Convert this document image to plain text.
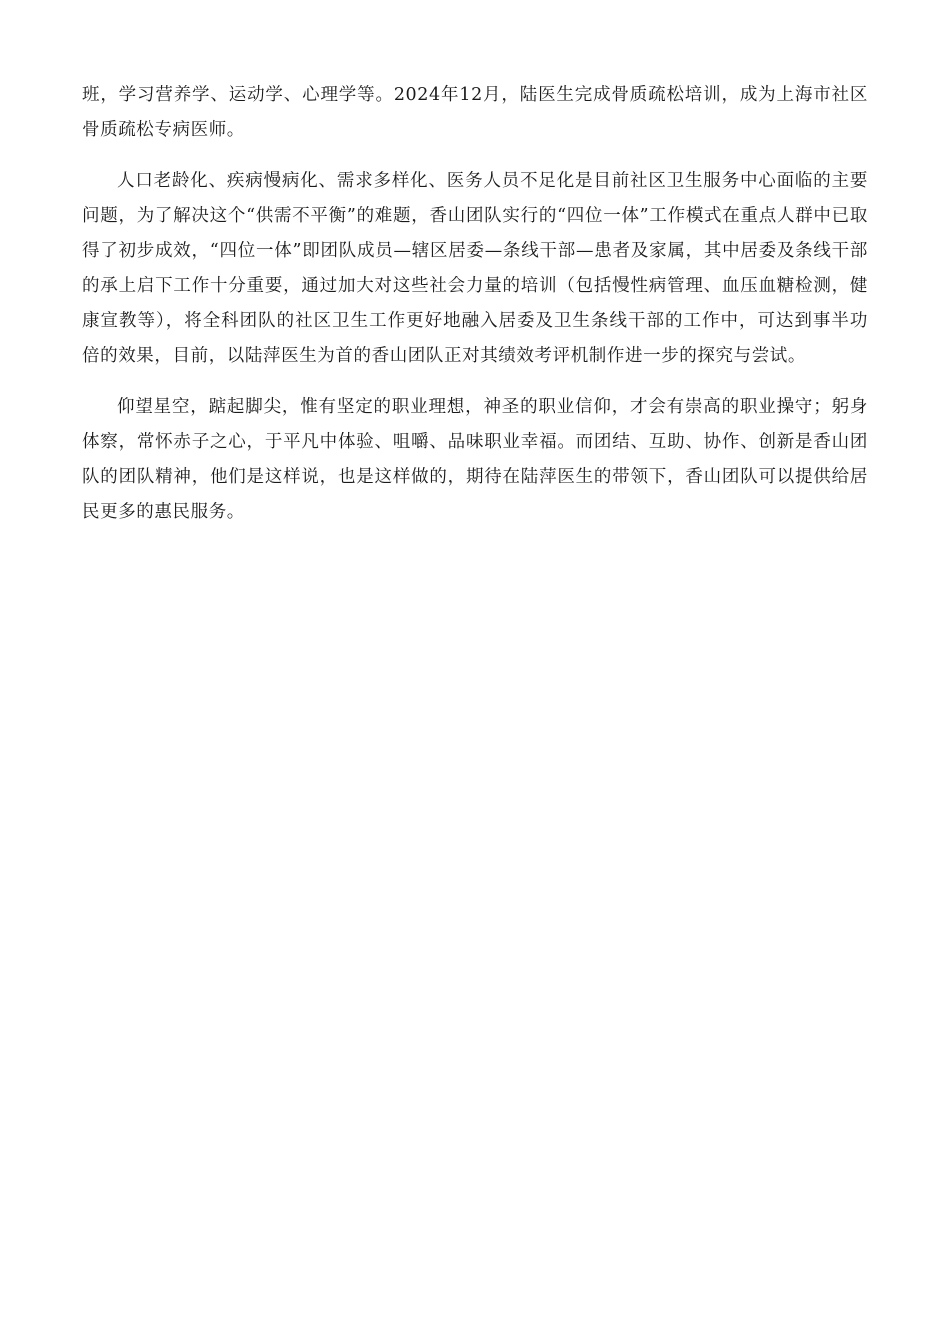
班，学习营养学、运动学、心理学等。2024年12月，陆医生完成骨质疏松培训，成为上海市社区骨质疏松专病医师。

人口老龄化、疾病慢病化、需求多样化、医务人员不足化是目前社区卫生服务中心面临的主要问题，为了解决这个“供需不平衡”的难题，香山团队实行的“四位一体”工作模式在重点人群中已取得了初步成效，“四位一体”即团队成员—辖区居委—条线干部—患者及家属，其中居委及条线干部的承上启下工作十分重要，通过加大对这些社会力量的培训（包括慢性病管理、血压血糖检测，健康宣教等），将全科团队的社区卫生工作更好地融入居委及卫生条线干部的工作中，可达到事半功倍的效果，目前，以陆萍医生为首的香山团队正对其绩效考评机制作进一步的探究与尝试。

仰望星空，踮起脚尖，惟有坚定的职业理想，神圣的职业信仰，才会有崇高的职业操守；躬身体察，常怀赤子之心，于平凡中体验、咀嚼、品味职业幸福。而团结、互助、协作、创新是香山团队的团队精神，他们是这样说，也是这样做的，期待在陆萍医生的带领下，香山团队可以提供给居民更多的惠民服务。
